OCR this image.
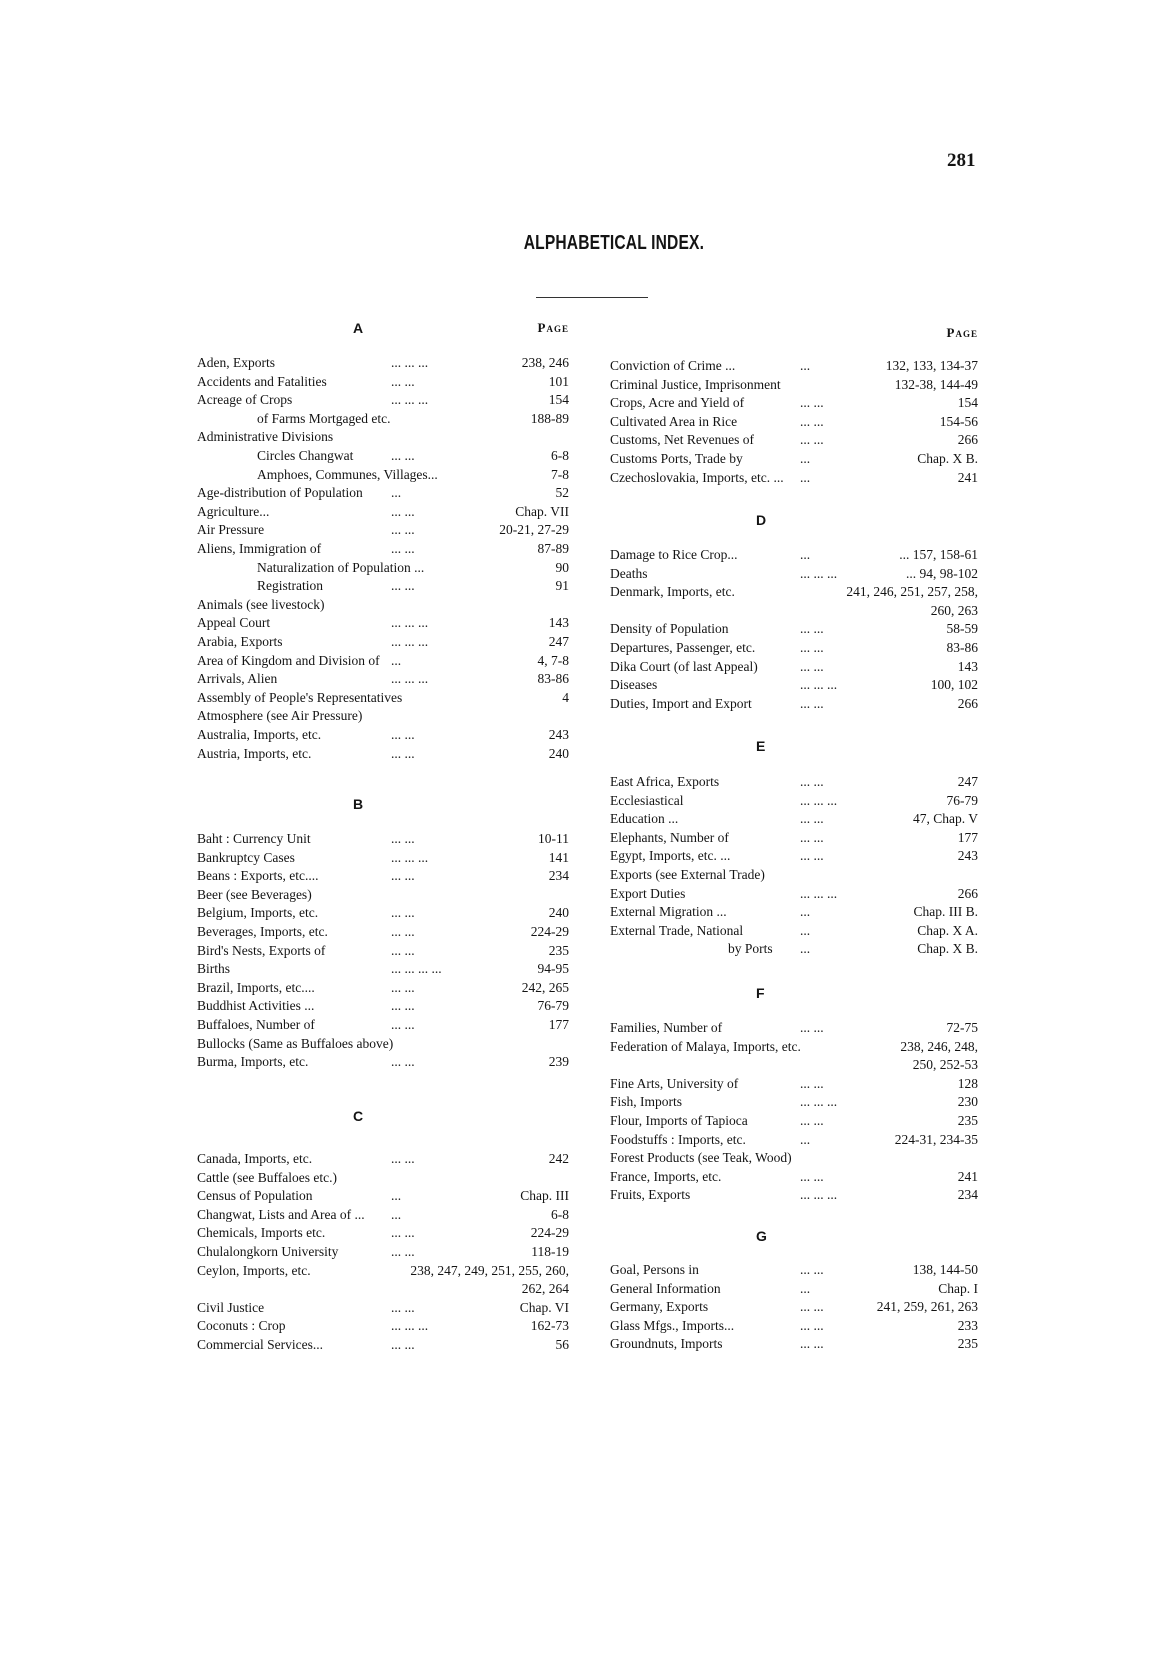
281
ALPHABETICAL INDEX.
Page
A
Aden, Exports	... ... ...	238, 246
Accidents and Fatalities	... ...	101
Acreage of Crops	... ... ...	154
of Farms Mortgaged etc.	188-89
Administrative Divisions
Circles Changwat	... ...	6-8
Amphoes, Communes, Villages...	7-8
Age-distribution of Population ...	52
Agriculture...	... ...	Chap. VII
Air Pressure	... ...	20-21, 27-29
Aliens, Immigration of	... ...	87-89
Naturalization of Population ...	90
Registration	... ...	91
Animals (see livestock)
Appeal Court	... ... ...	143
Arabia, Exports	... ... ...	247
Area of Kingdom and Division of ...	4, 7-8
Arrivals, Alien	... ... ...	83-86
Assembly of People's Representatives	4
Atmosphere (see Air Pressure)
Australia, Imports, etc.	... ...	243
Austria, Imports, etc.	... ...	240
B
Baht : Currency Unit	... ...	10-11
Bankruptcy Cases	... ... ...	141
Beans : Exports, etc....	... ...	234
Beer (see Beverages)
Belgium, Imports, etc.	... ...	240
Beverages, Imports, etc.	... ...	224-29
Bird's Nests, Exports of	... ...	235
Births	... ... ... ...	94-95
Brazil, Imports, etc....	... ...	242, 265
Buddhist Activities ...	... ...	76-79
Buffaloes, Number of	... ...	177
Bullocks (Same as Buffaloes above)
Burma, Imports, etc.	... ...	239
C
Canada, Imports, etc.	... ...	242
Cattle (see Buffaloes etc.)
Census of Population	...	Chap. III
Changwat, Lists and Area of ... ...	6-8
Chemicals, Imports etc.	... ...	224-29
Chulalongkorn University	... ...	118-19
Ceylon, Imports, etc.	238, 247, 249, 251, 255, 260,
262, 264
Civil Justice	... ...	Chap. VI
Coconuts : Crop	... ... ...	162-73
Commercial Services...	... ...	56
Page
Conviction of Crime ...	...	132, 133, 134-37
Criminal Justice, Imprisonment	132-38, 144-49
Crops, Acre and Yield of	... ...	154
Cultivated Area in Rice	... ...	154-56
Customs, Net Revenues of	... ...	266
Customs Ports, Trade by	...	Chap. X B.
Czechoslovakia, Imports, etc. ... ...	241
D
Damage to Rice Crop...	...	... 157, 158-61
Deaths	... ... ...	... 94, 98-102
Denmark, Imports, etc.	241, 246, 251, 257, 258,
260, 263
Density of Population	... ...	58-59
Departures, Passenger, etc.	... ...	83-86
Dika Court (of last Appeal)	... ...	143
Diseases	... ... ...	100, 102
Duties, Import and Export	... ...	266
E
East Africa, Exports	... ...	247
Ecclesiastical	... ... ...	76-79
Education ...	... ...	47, Chap. V
Elephants, Number of	... ...	177
Egypt, Imports, etc. ...	... ...	243
Exports (see External Trade)
Export Duties	... ... ...	266
External Migration ...	...	Chap. III B.
External Trade, National	...	Chap. X A.
by Ports ...	Chap. X B.
F
Families, Number of	... ...	72-75
Federation of Malaya, Imports, etc.	238, 246, 248,
250, 252-53
Fine Arts, University of	... ...	128
Fish, Imports	... ... ...	230
Flour, Imports of Tapioca	... ...	235
Foodstuffs : Imports, etc.	...	224-31, 234-35
Forest Products (see Teak, Wood)
France, Imports, etc.	... ...	241
Fruits, Exports	... ... ...	234
G
Goal, Persons in	... ...	138, 144-50
General Information	...	Chap. I
Germany, Exports	... ...	241, 259, 261, 263
Glass Mfgs., Imports...	... ...	233
Groundnuts, Imports	... ...	235
